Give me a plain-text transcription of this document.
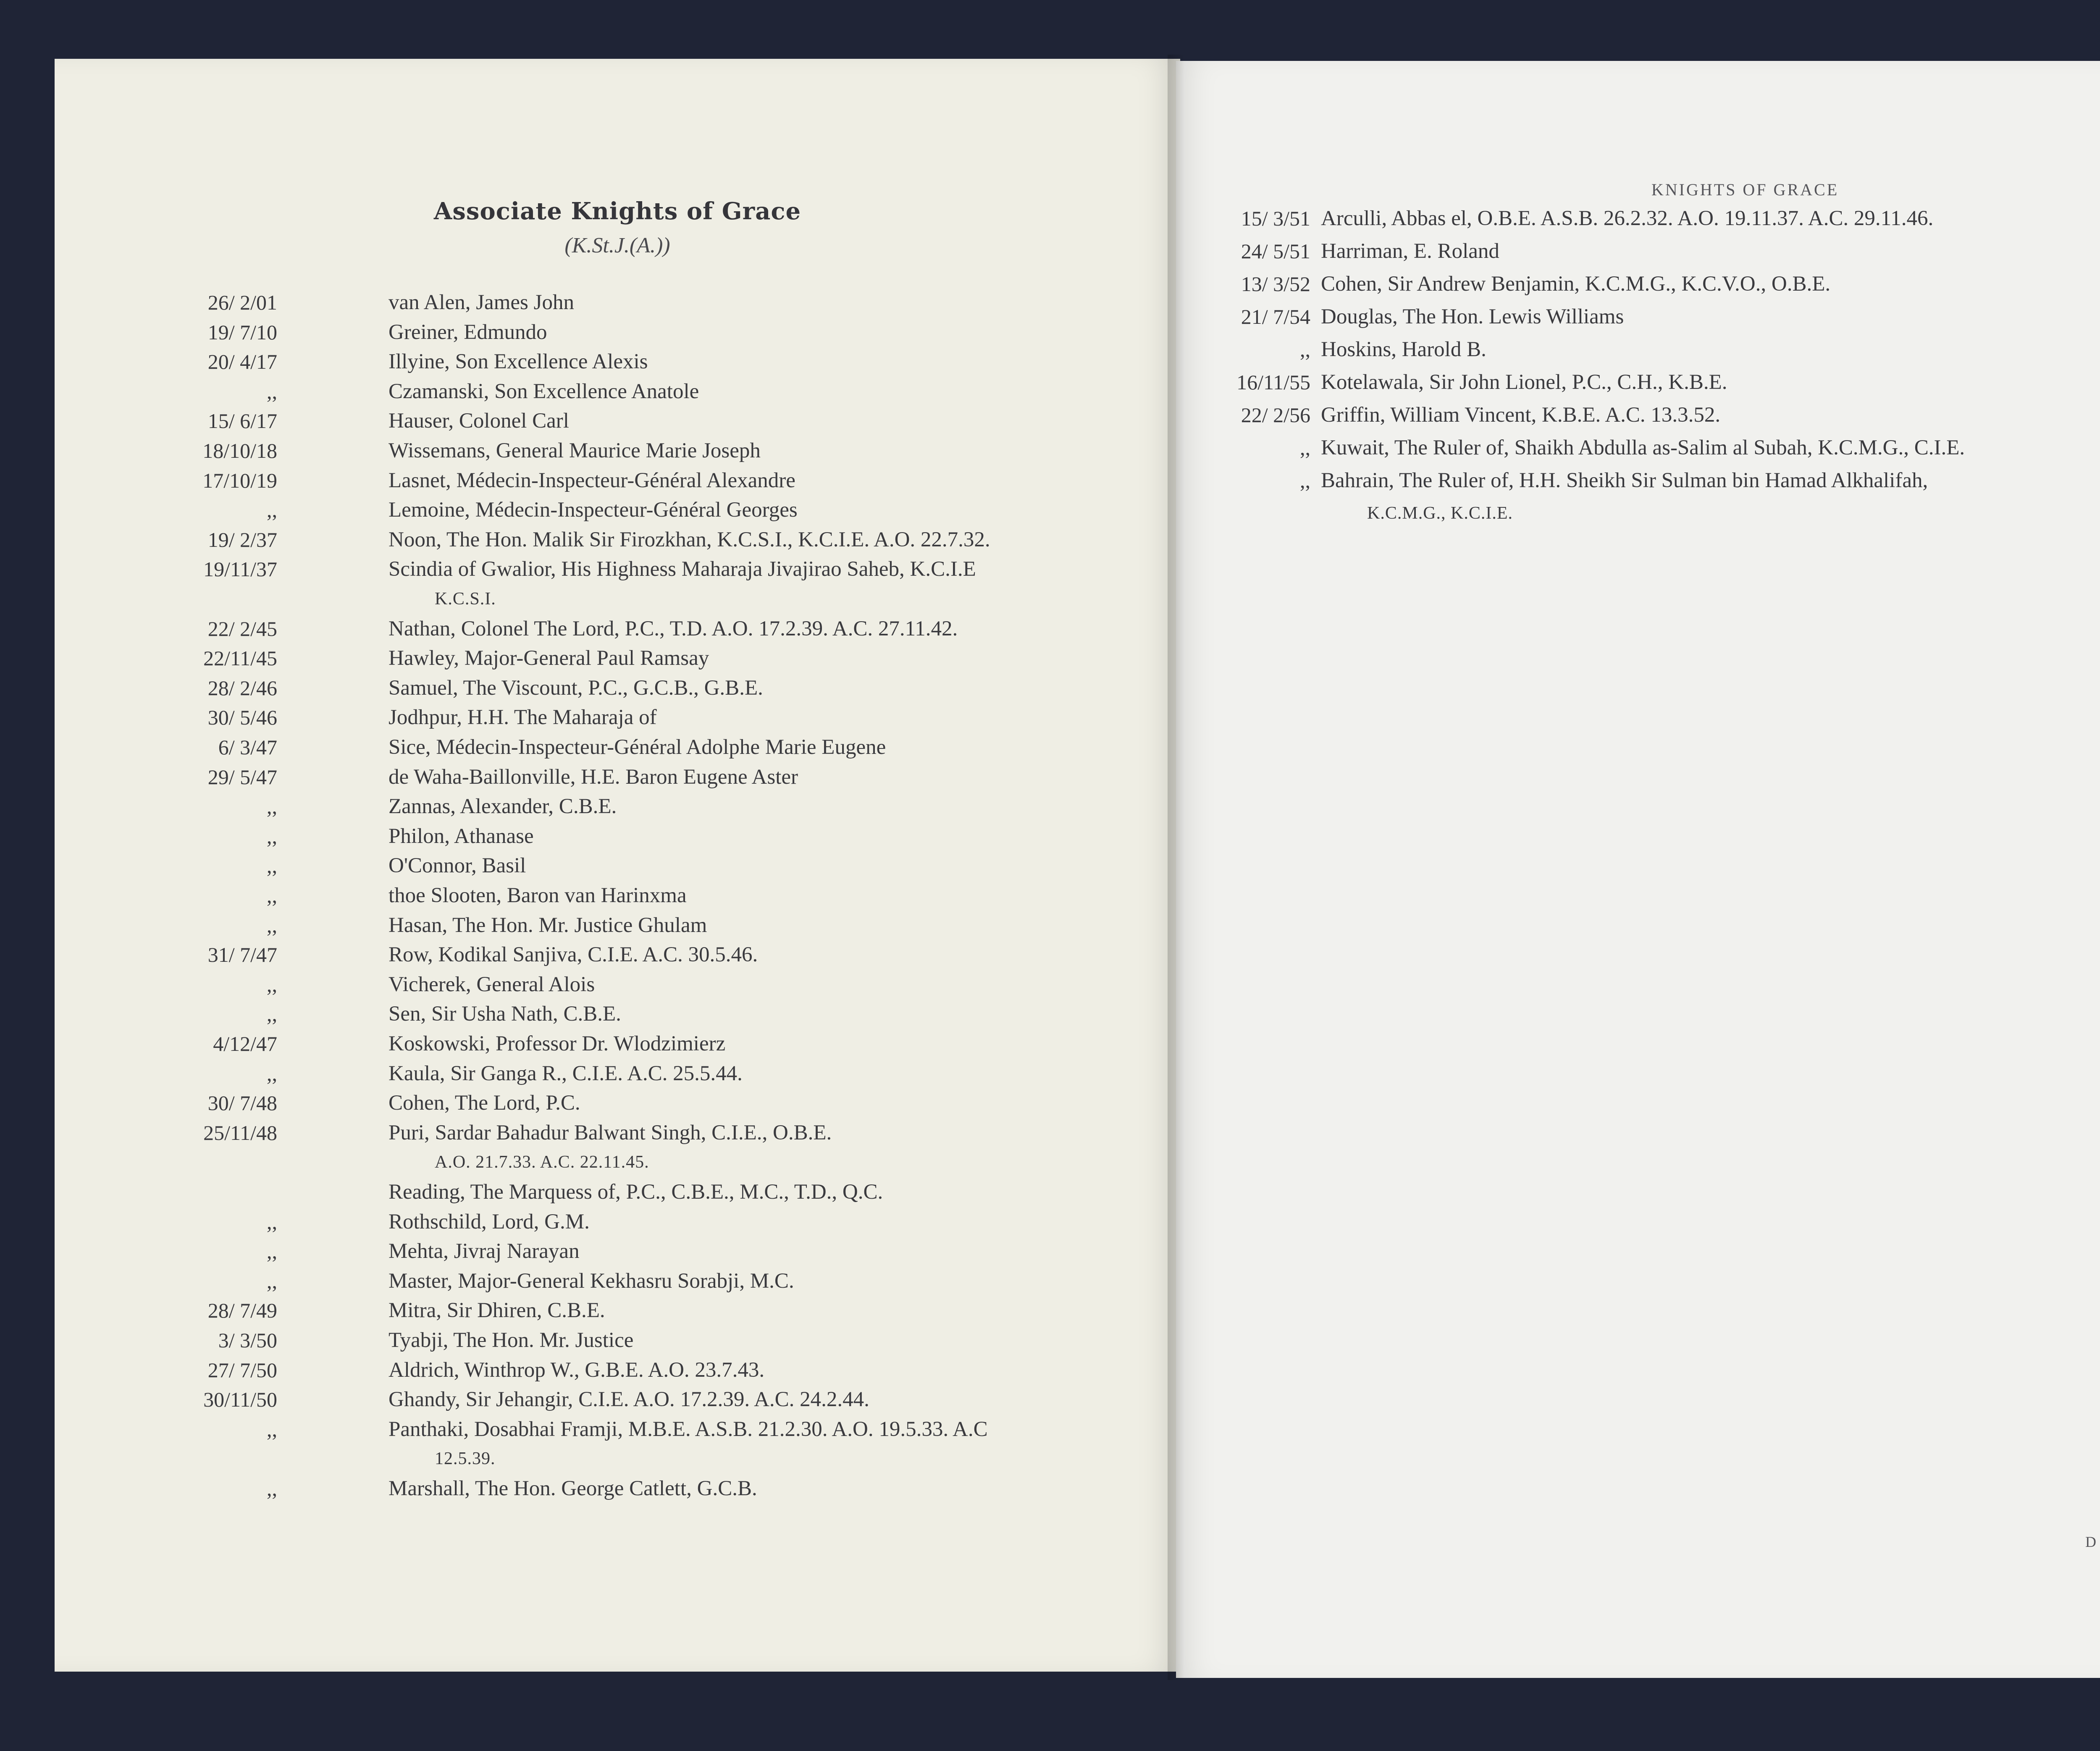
Associate Knights of Grace
(K.St.J.(A.))
26/ 2/01	van Alen, James John
19/ 7/10	Greiner, Edmundo
20/ 4/17	Illyine, Son Excellence Alexis
,,	Czamanski, Son Excellence Anatole
15/ 6/17	Hauser, Colonel Carl
18/10/18	Wissemans, General Maurice Marie Joseph
17/10/19	Lasnet, Médecin-Inspecteur-Général Alexandre
,,	Lemoine, Médecin-Inspecteur-Général Georges
19/ 2/37	Noon, The Hon. Malik Sir Firozkhan, K.C.S.I., K.C.I.E. A.O. 22.7.32.
19/11/37	Scindia of Gwalior, His Highness Maharaja Jivajirao Saheb, K.C.I.E
K.C.S.I.
22/ 2/45	Nathan, Colonel The Lord, P.C., T.D. A.O. 17.2.39. A.C. 27.11.42.
22/11/45	Hawley, Major-General Paul Ramsay
28/ 2/46	Samuel, The Viscount, P.C., G.C.B., G.B.E.
30/ 5/46	Jodhpur, H.H. The Maharaja of
6/ 3/47	Sice, Médecin-Inspecteur-Général Adolphe Marie Eugene
29/ 5/47	de Waha-Baillonville, H.E. Baron Eugene Aster
,,	Zannas, Alexander, C.B.E.
,,	Philon, Athanase
,,	O'Connor, Basil
,,	thoe Slooten, Baron van Harinxma
,,	Hasan, The Hon. Mr. Justice Ghulam
31/ 7/47	Row, Kodikal Sanjiva, C.I.E. A.C. 30.5.46.
,,	Vicherek, General Alois
,,	Sen, Sir Usha Nath, C.B.E.
4/12/47	Koskowski, Professor Dr. Wlodzimierz
,,	Kaula, Sir Ganga R., C.I.E. A.C. 25.5.44.
30/ 7/48	Cohen, The Lord, P.C.
25/11/48	Puri, Sardar Bahadur Balwant Singh, C.I.E., O.B.E.
A.O. 21.7.33. A.C. 22.11.45.
Reading, The Marquess of, P.C., C.B.E., M.C., T.D., Q.C.
,,	Rothschild, Lord, G.M.
,,	Mehta, Jivraj Narayan
,,	Master, Major-General Kekhasru Sorabji, M.C.
28/ 7/49	Mitra, Sir Dhiren, C.B.E.
3/ 3/50	Tyabji, The Hon. Mr. Justice
27/ 7/50	Aldrich, Winthrop W., G.B.E. A.O. 23.7.43.
30/11/50	Ghandy, Sir Jehangir, C.I.E. A.O. 17.2.39. A.C. 24.2.44.
,,	Panthaki, Dosabhai Framji, M.B.E. A.S.B. 21.2.30. A.O. 19.5.33. A.C
12.5.39.
,,	Marshall, The Hon. George Catlett, G.C.B.
KNIGHTS OF GRACE
15/ 3/51 Arculli, Abbas el, O.B.E. A.S.B. 26.2.32. A.O. 19.11.37. A.C. 29.11.46.
24/ 5/51 Harriman, E. Roland
13/ 3/52 Cohen, Sir Andrew Benjamin, K.C.M.G., K.C.V.O., O.B.E.
21/ 7/54 Douglas, The Hon. Lewis Williams
,, Hoskins, Harold B.
16/11/55 Kotelawala, Sir John Lionel, P.C., C.H., K.B.E.
22/ 2/56 Griffin, William Vincent, K.B.E. A.C. 13.3.52.
,, Kuwait, The Ruler of, Shaikh Abdulla as-Salim al Subah, K.C.M.G., C.I.E.
,, Bahrain, The Ruler of, H.H. Sheikh Sir Sulman bin Hamad Alkhalifah,
K.C.M.G., K.C.I.E.
D
